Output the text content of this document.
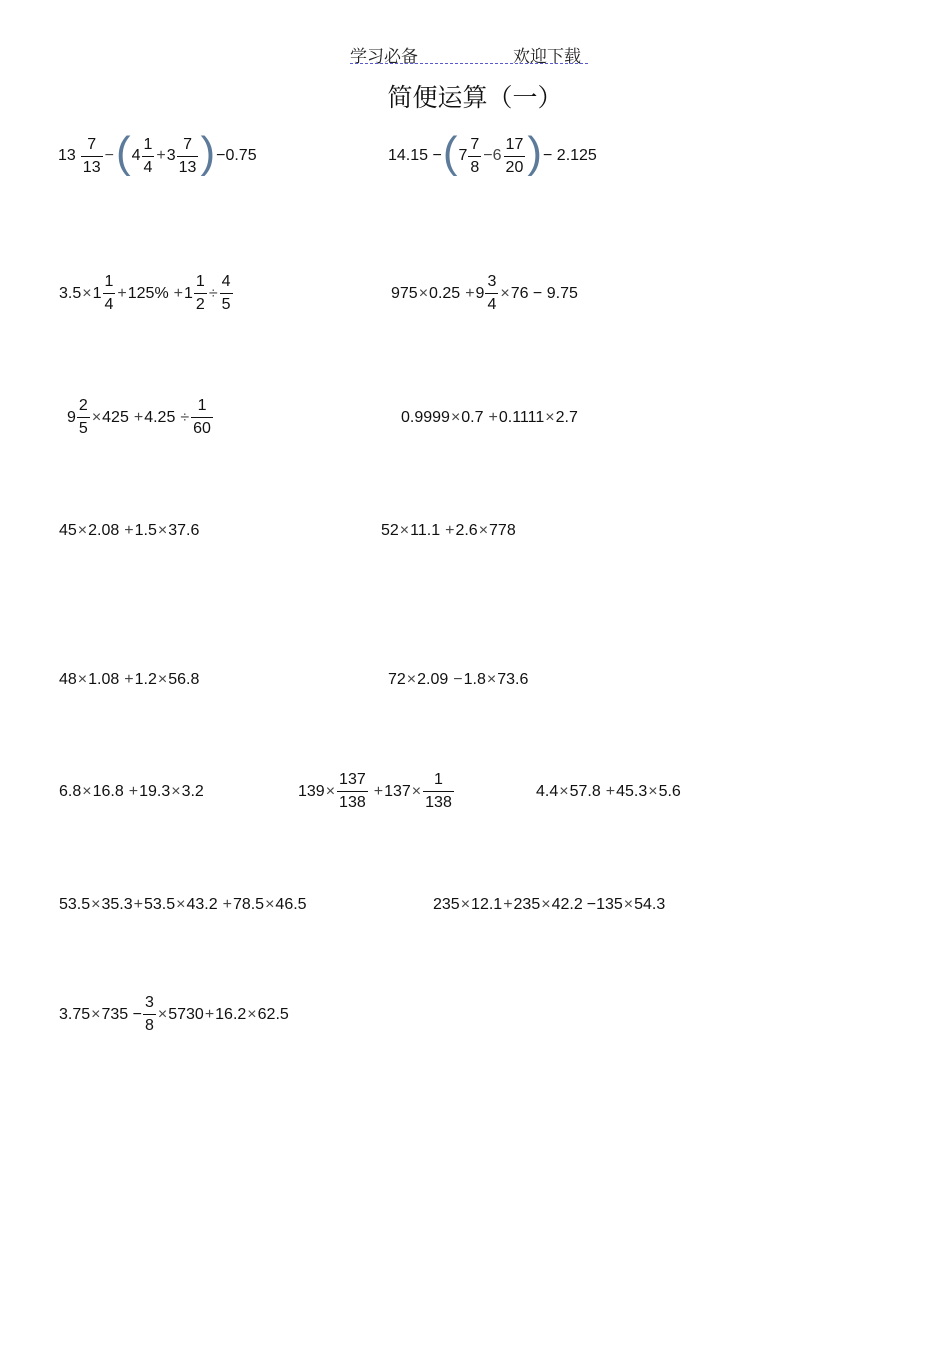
学习必备	欢迎下载
简便运算（一）
$13 \frac{7}{13}$ − ( $4 \frac{1}{4} + 3 \frac{7}{13}$ ) −0.75	14.15 − ( $7 \frac{7}{8} -6 \frac{17}{20}$ ) − 2.125
$3.5 \times 1 \frac{1}{4} + 125\% + 1 \frac{1}{2} \div \frac{4}{5}$	$975 \times 0.25 + 9 \frac{3}{4} \times 76 - 9.75$
$9 \frac{2}{5} \times 425 + 4.25 \div \frac{1}{60}$	0.9999 × 0.7 + 0.1111 × 2.7
45 × 2.08 + 1.5 × 37.6	52 × 11.1 + 2.6 × 778
48 × 1.08 + 1.2 × 56.8	72 × 2.09 − 1.8 × 73.6
6.8 × 16.8 + 19.3 × 3.2	$139 \times \frac{137}{138} + 137 \times \frac{1}{138}$	4.4 × 57.8 + 45.3 × 5.6
53.5 × 35.3 + 53.5 × 43.2 + 78.5 × 46.5	235 × 12.1 + 235 × 42.2 −135 × 54.3
$3.75 \times 735 - \frac{3}{8} \times 5730 + 16.2 \times 62.5$
